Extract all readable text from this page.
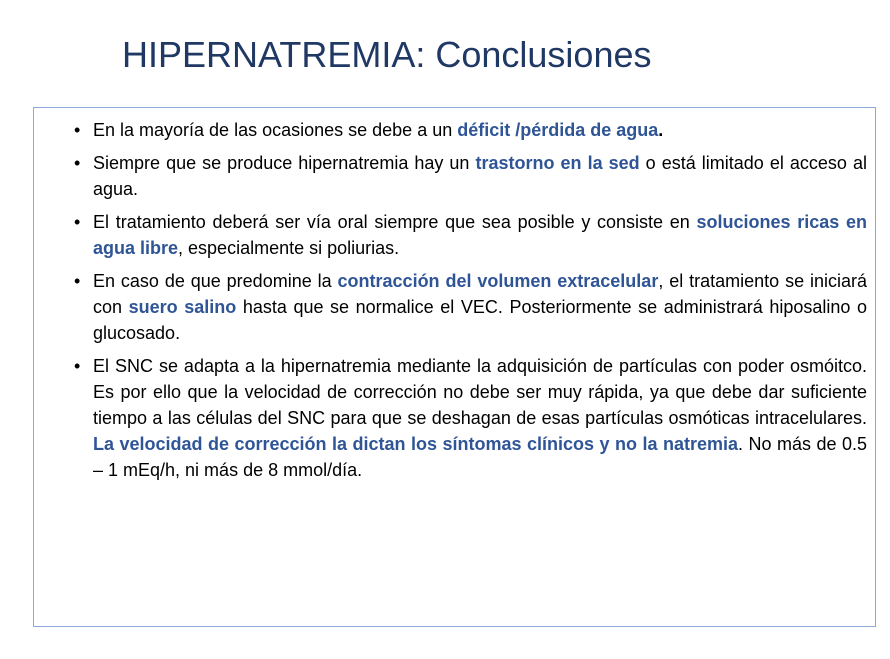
HIPERNATREMIA: Conclusiones
• En la mayoría de las ocasiones se debe a un déficit /pérdida de agua.
• Siempre que se produce hipernatremia hay un trastorno en la sed o está limitado el acceso al agua.
• El tratamiento deberá ser vía oral siempre que sea posible y consiste en soluciones ricas en agua libre, especialmente si poliurias.
• En caso de que predomine la contracción del volumen extracelular, el tratamiento se iniciará con suero salino hasta que se normalice el VEC. Posteriormente se administrará hiposalino o glucosado.
• El SNC se adapta a la hipernatremia mediante la adquisición de partículas con poder osmóitco. Es por ello que la velocidad de corrección no debe ser muy rápida, ya que debe dar suficiente tiempo a las células del SNC para que se deshagan de esas partículas osmóticas intracelulares. La velocidad de corrección la dictan los síntomas clínicos y no la natremia. No más de 0.5 – 1 mEq/h, ni más de 8 mmol/día.
